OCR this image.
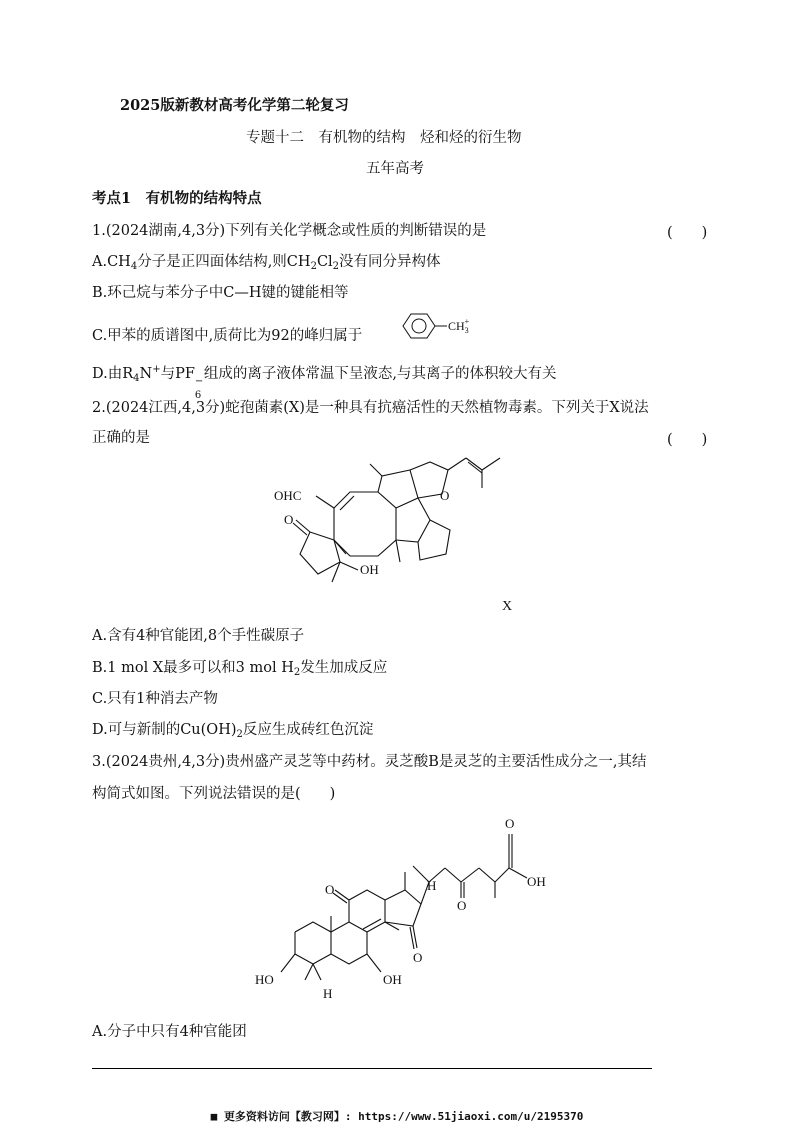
2025版新教材高考化学第二轮复习
专题十二　有机物的结构　烃和烃的衍生物
五年高考
考点1　有机物的结构特点
1.(2024湖南,4,3分)下列有关化学概念或性质的判断错误的是	(　　)
$A.CH_4$分子是正四面体结构,则$CH_2Cl_2$没有同分异构体
B.环己烷与苯分子中C—H键的键能相等
C.甲苯的质谱图中,质荷比为92的峰归属于
$CH_3+$
D.由$R_4N^+$与PF −
6
组成的离子液体常温下呈液态,与其离子的体积较大有关
2.(2024江西,4,3分)蛇孢菌素(X)是一种具有抗癌活性的天然植物毒素。下列关于X说法
正确的是	(　　)
OHC
O
O
OH
X
A.含有4种官能团,8个手性碳原子
B.1 mol X最多可以和3 mol $H_2$发生加成反应
C.只有1种消去产物
D.可与新制的$Cu(OH)_2$反应生成砖红色沉淀
3.(2024贵州,4,3分)贵州盛产灵芝等中药材。灵芝酸B是灵芝的主要活性成分之一,其结
构简式如图。下列说法错误的是(　　)
O
OH
O
O	H
O
HO
H
OH
A.分子中只有4种官能团
■ 更多资料访问【教习网】: https://www.51jiaoxi.com/u/2195370
